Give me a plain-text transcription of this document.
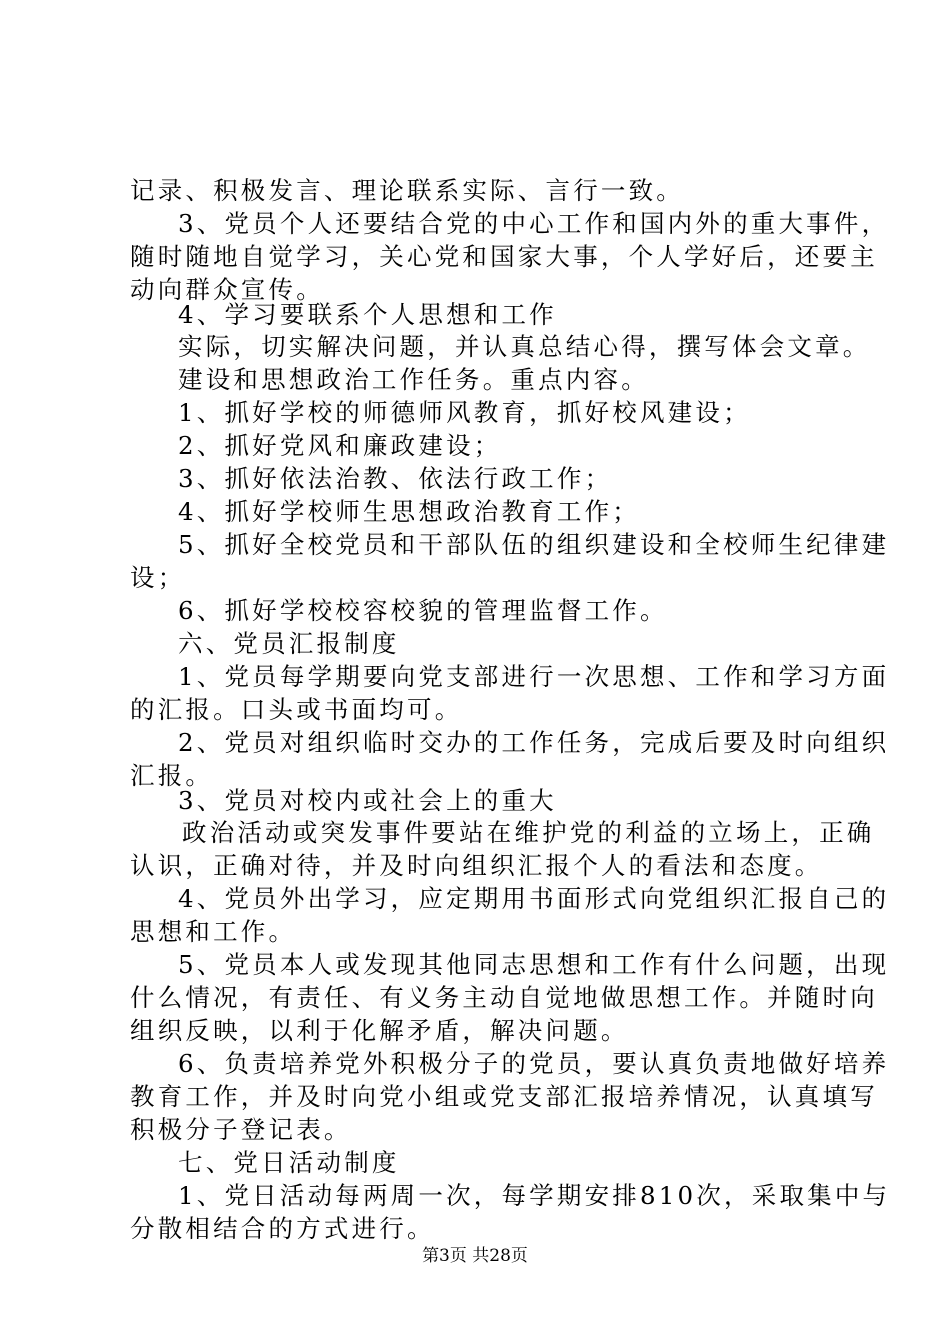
记录、积极发言、理论联系实际、言行一致。
3、党员个人还要结合党的中心工作和国内外的重大事件，
随时随地自觉学习，关心党和国家大事，个人学好后，还要主
动向群众宣传。
4、学习要联系个人思想和工作
实际，切实解决问题，并认真总结心得，撰写体会文章。
建设和思想政治工作任务。重点内容。
1、抓好学校的师德师风教育，抓好校风建设；
2、抓好党风和廉政建设；
3、抓好依法治教、依法行政工作；
4、抓好学校师生思想政治教育工作；
5、抓好全校党员和干部队伍的组织建设和全校师生纪律建
设；
6、抓好学校校容校貌的管理监督工作。
六、党员汇报制度
1、党员每学期要向党支部进行一次思想、工作和学习方面
的汇报。口头或书面均可。
2、党员对组织临时交办的工作任务，完成后要及时向组织
汇报。
3、党员对校内或社会上的重大
政治活动或突发事件要站在维护党的利益的立场上，正确
认识，正确对待，并及时向组织汇报个人的看法和态度。
4、党员外出学习，应定期用书面形式向党组织汇报自己的
思想和工作。
5、党员本人或发现其他同志思想和工作有什么问题，出现
什么情况，有责任、有义务主动自觉地做思想工作。并随时向
组织反映，以利于化解矛盾，解决问题。
6、负责培养党外积极分子的党员，要认真负责地做好培养
教育工作，并及时向党小组或党支部汇报培养情况，认真填写
积极分子登记表。
七、党日活动制度
1、党日活动每两周一次，每学期安排810次，采取集中与
分散相结合的方式进行。
第3页 共28页
